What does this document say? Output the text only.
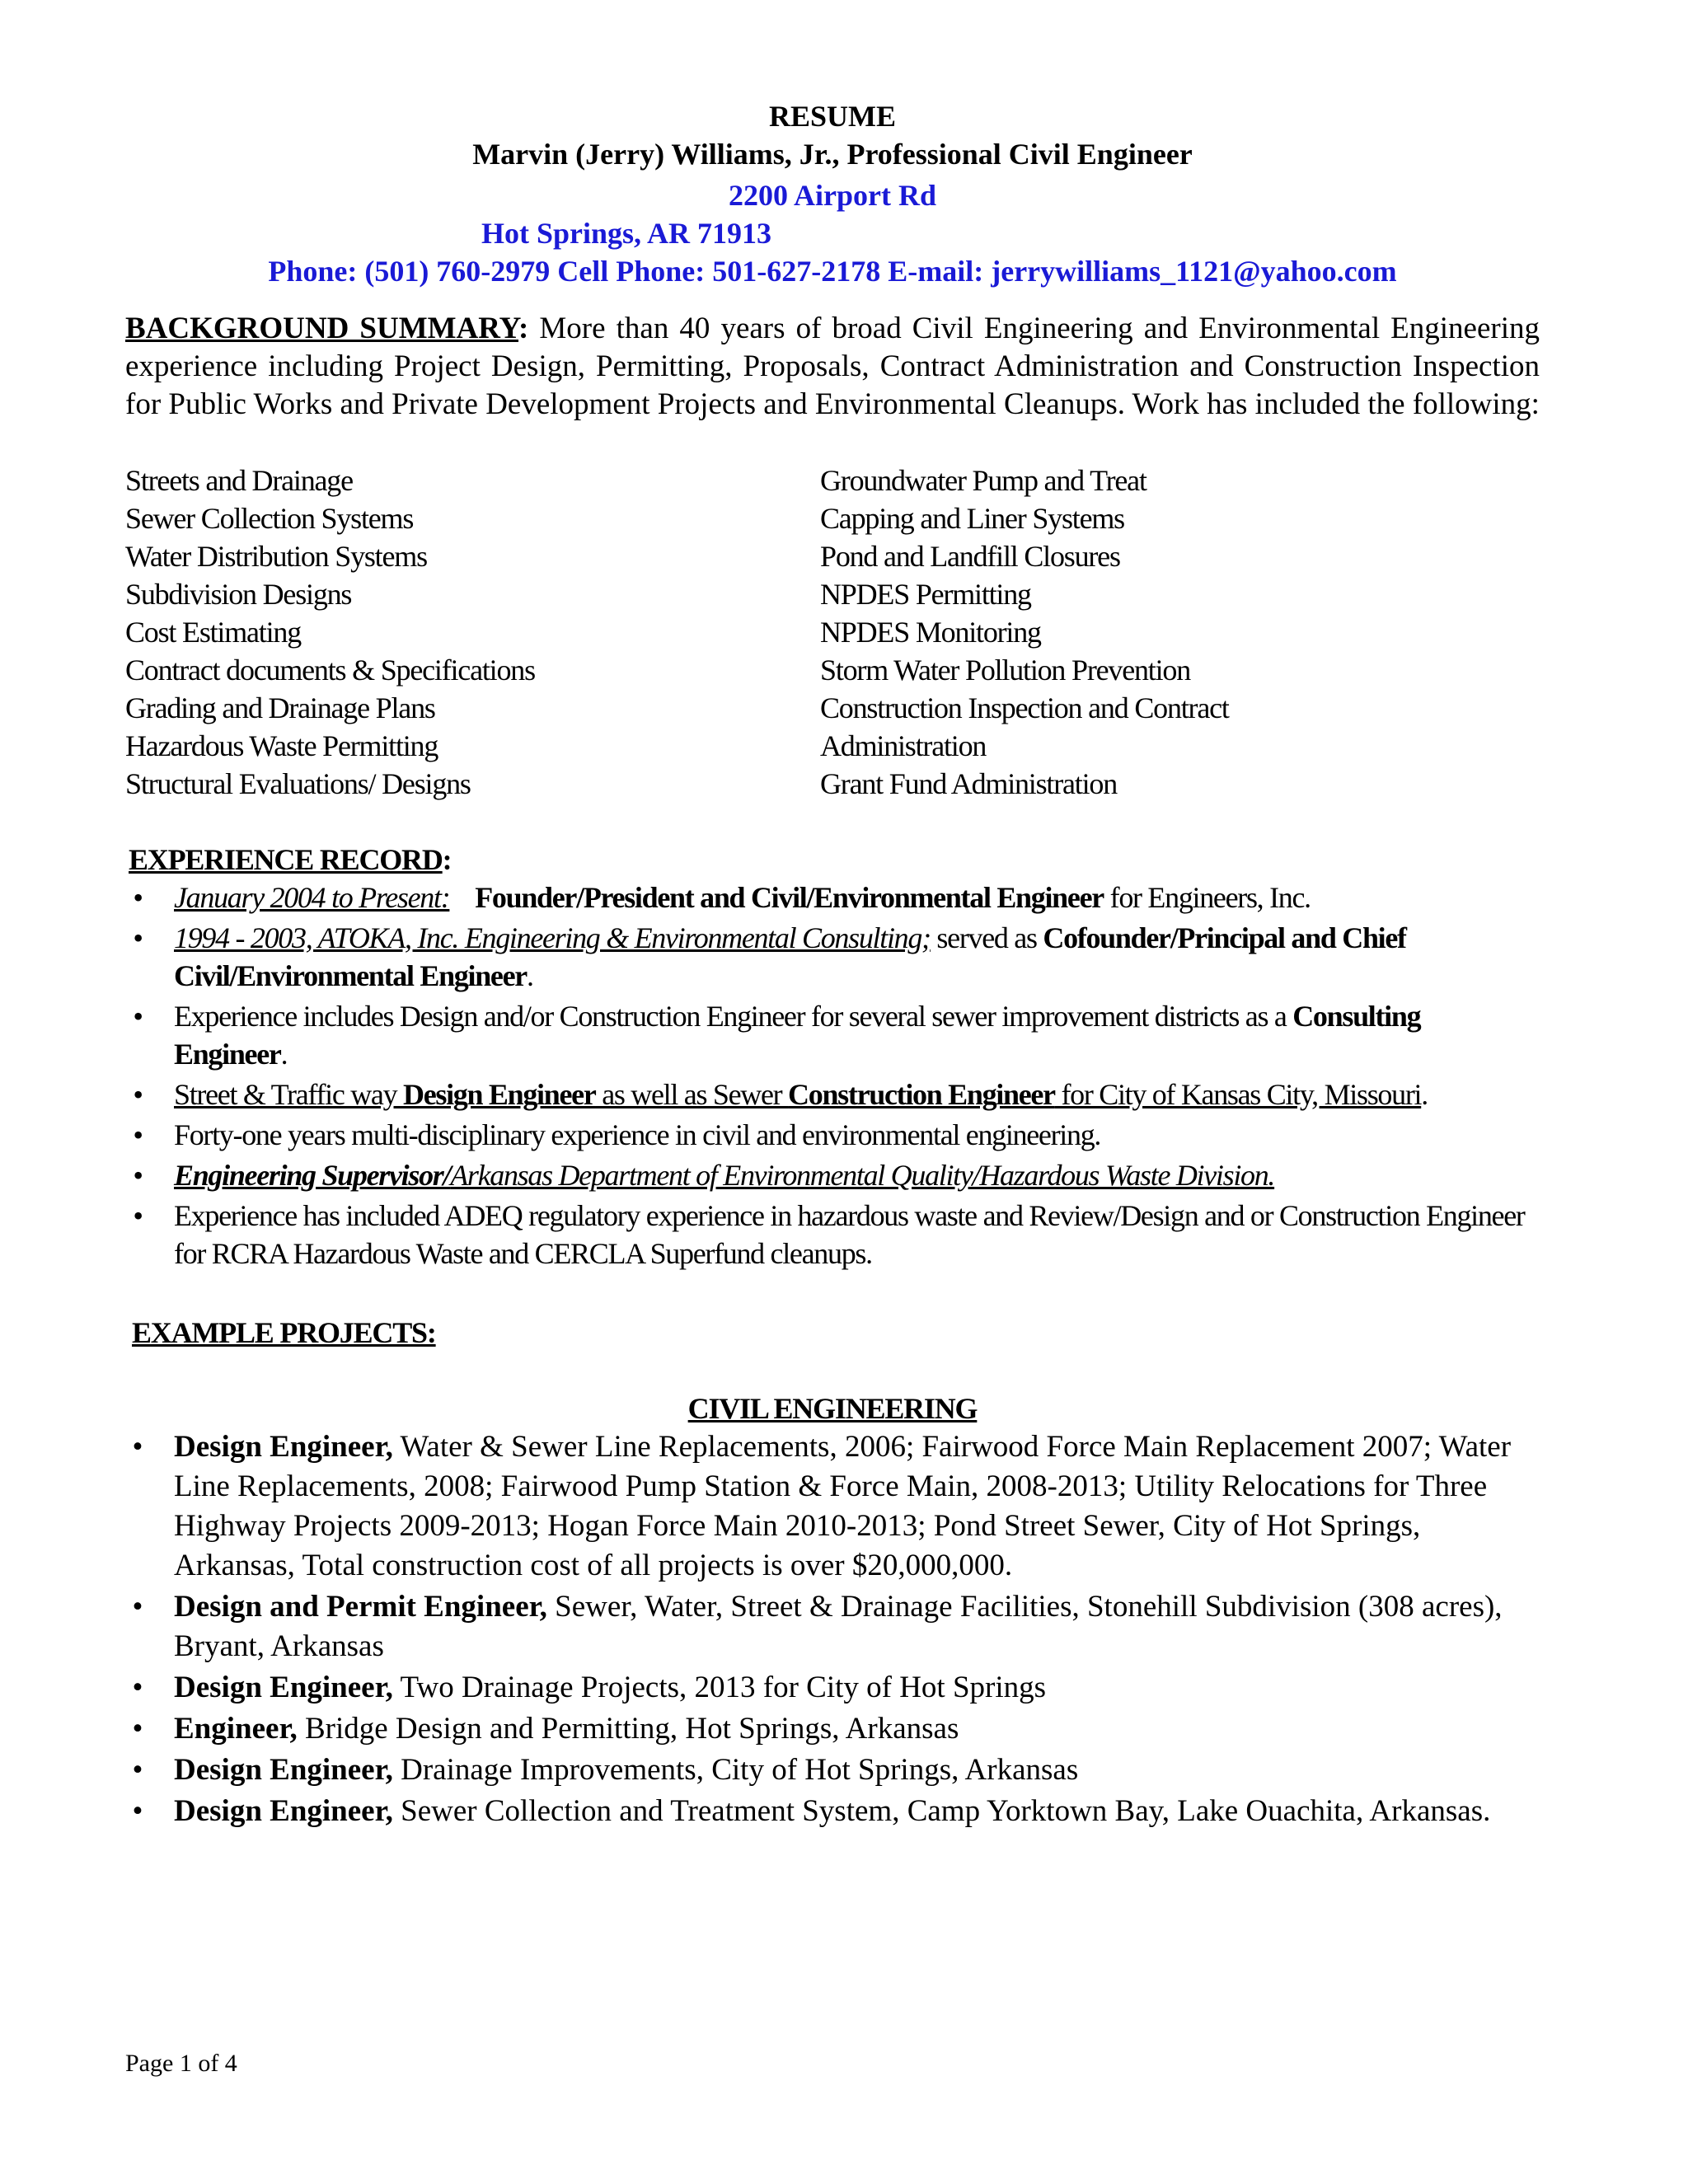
RESUME
Marvin (Jerry) Williams, Jr., Professional Civil Engineer
2200 Airport Rd
Hot Springs, AR 71913
Phone: (501) 760-2979 Cell Phone: 501-627-2178 E-mail: jerrywilliams_1121@yahoo.com
BACKGROUND SUMMARY: More than 40 years of broad Civil Engineering and Environmental Engineering experience including Project Design, Permitting, Proposals, Contract Administration and Construction Inspection for Public Works and Private Development Projects and Environmental Cleanups. Work has included the following:
Streets and Drainage
Sewer Collection Systems
Water Distribution Systems
Subdivision Designs
Cost Estimating
Contract documents & Specifications
Grading and Drainage Plans
Hazardous Waste Permitting
Structural Evaluations/ Designs
Groundwater Pump and Treat
Capping and Liner Systems
Pond and Landfill Closures
NPDES Permitting
NPDES Monitoring
Storm Water Pollution Prevention
Construction Inspection and Contract
Administration
Grant Fund Administration
EXPERIENCE RECORD:
• January 2004 to Present: Founder/President and Civil/Environmental Engineer for Engineers, Inc.
• 1994 - 2003, ATOKA, Inc. Engineering & Environmental Consulting; served as Cofounder/Principal and Chief Civil/Environmental Engineer.
• Experience includes Design and/or Construction Engineer for several sewer improvement districts as a Consulting Engineer.
• Street & Traffic way Design Engineer as well as Sewer Construction Engineer for City of Kansas City, Missouri.
• Forty-one years multi-disciplinary experience in civil and environmental engineering.
• Engineering Supervisor/Arkansas Department of Environmental Quality/Hazardous Waste Division.
• Experience has included ADEQ regulatory experience in hazardous waste and Review/Design and or Construction Engineer for RCRA Hazardous Waste and CERCLA Superfund cleanups.
EXAMPLE PROJECTS:
CIVIL ENGINEERING
• Design Engineer, Water & Sewer Line Replacements, 2006; Fairwood Force Main Replacement 2007; Water Line Replacements, 2008; Fairwood Pump Station & Force Main, 2008-2013; Utility Relocations for Three Highway Projects 2009-2013; Hogan Force Main 2010-2013; Pond Street Sewer, City of Hot Springs, Arkansas, Total construction cost of all projects is over $20,000,000.
• Design and Permit Engineer, Sewer, Water, Street & Drainage Facilities, Stonehill Subdivision (308 acres), Bryant, Arkansas
• Design Engineer, Two Drainage Projects, 2013 for City of Hot Springs
• Engineer, Bridge Design and Permitting, Hot Springs, Arkansas
• Design Engineer, Drainage Improvements, City of Hot Springs, Arkansas
• Design Engineer, Sewer Collection and Treatment System, Camp Yorktown Bay, Lake Ouachita, Arkansas.
Page 1 of 4
